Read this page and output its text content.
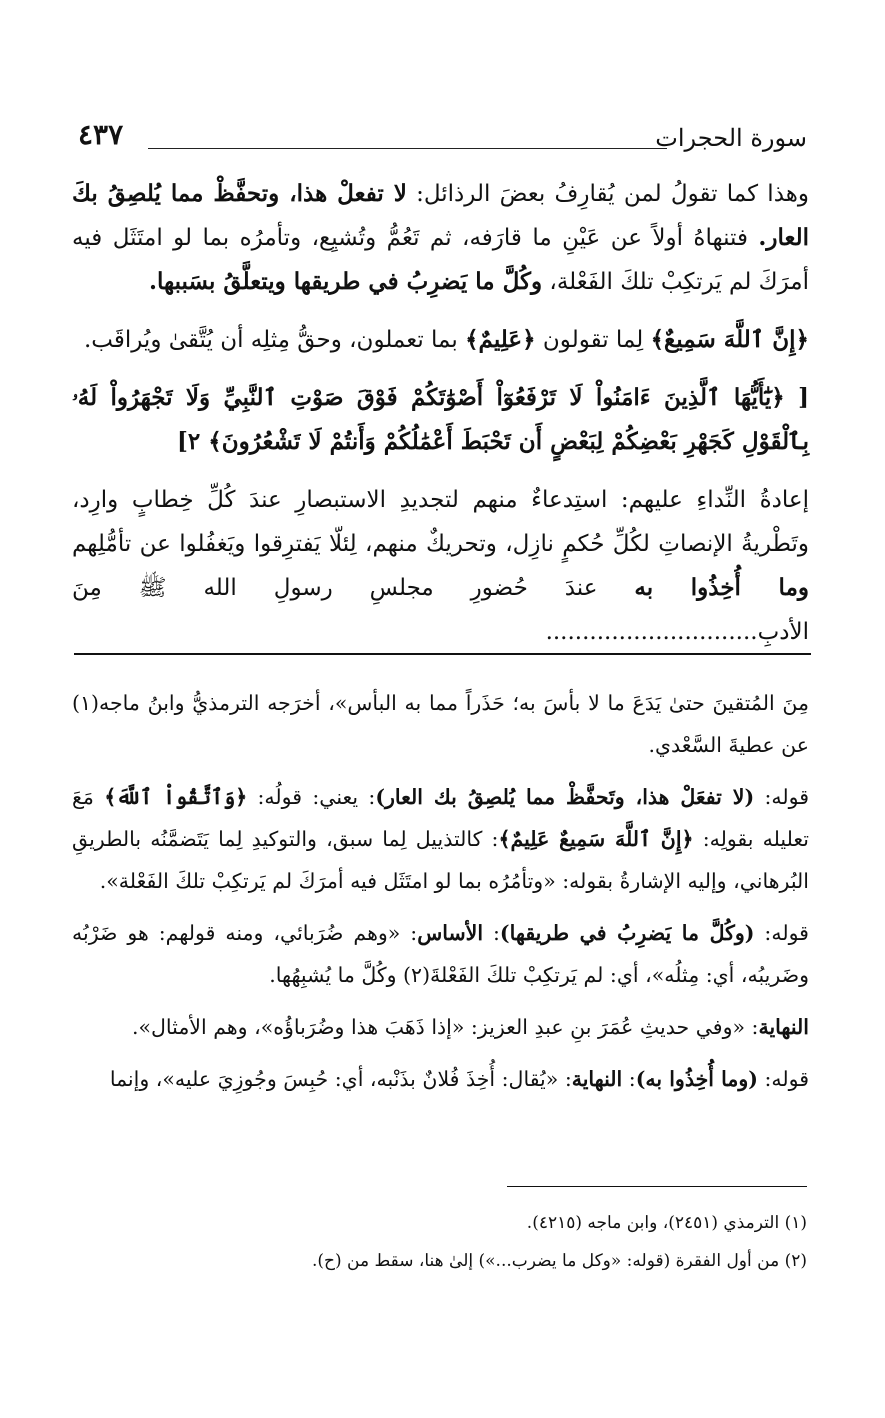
سورة الحجرات
٤٣٧

وهذا كما تقولُ لمن يُقارِفُ بعضَ الرذائل: لا تفعلْ هذا، وتحفَّظْ مما يُلصِقُ بكَ العار. فتنهاهُ أولاً عن عَيْنِ ما قارَفه، ثم تَعُمُّ وتُشيِع، وتأمرُه بما لو امتَثَل فيه أمرَكَ لم يَرتكِبْ تلكَ الفَعْلة، وكُلَّ ما يَضرِبُ في طريقها ويتعلَّقُ بسَببها.

﴿إِنَّ ٱللَّهَ سَمِيعٌ﴾ لِما تقولون ﴿عَلِيمٌ﴾ بما تعملون، وحقُّ مِثلِه أن يُتَّقىٰ ويُراقَب.

[ ﴿يَٰٓأَيُّهَا ٱلَّذِينَ ءَامَنُواْ لَا تَرْفَعُوٓاْ أَصْوَٰتَكُمْ فَوْقَ صَوْتِ ٱلنَّبِيِّ وَلَا تَجْهَرُواْ لَهُۥ بِٱلْقَوْلِ كَجَهْرِ بَعْضِكُمْ لِبَعْضٍ أَن تَحْبَطَ أَعْمَٰلُكُمْ وَأَنتُمْ لَا تَشْعُرُونَ﴾ ٢]

إعادةُ النِّداءِ عليهم: استِدعاءٌ منهم لتجديدِ الاستبصارِ عندَ كُلِّ خِطابٍ وارِد، وتَطْريةُ الإنصاتِ لكُلِّ حُكمٍ نازِل، وتحريكٌ منهم، لِئلّا يَفترِقوا ويَغفُلوا عن تأمُّلِهم وما أُخِذُوا به عندَ حُضورِ مجلسِ رسولِ الله ﷺ مِنَ الأدبِ.............................

مِنَ المُتقينَ حتىٰ يَدَعَ ما لا بأسَ به؛ حَذَراً مما به البأس»، أخرَجه الترمذيُّ وابنُ ماجه(١) عن عطيةَ السَّعْدي.

قوله: (لا تفعَلْ هذا، وتَحفَّظْ مما يُلصِقُ بك العار): يعني: قولُه: ﴿وَٱتَّقُواْ ٱللَّهَ﴾ مَعَ تعليله بقولِه: ﴿إِنَّ ٱللَّهَ سَمِيعٌ عَلِيمٌ﴾: كالتذييل لِما سبق، والتوكيدِ لِما يَتَضمَّنُه بالطريقِ البُرهاني، وإليه الإشارةُ بقوله: «وتأمُرُه بما لو امتَثَل فيه أمرَكَ لم يَرتكِبْ تلكَ الفَعْلة».

قوله: (وكُلَّ ما يَضرِبُ في طريقها): الأساس: «وهم ضُرَبائي، ومنه قولهم: هو ضَرْبُه وضَريبُه، أي: مِثلُه»، أي: لم يَرتكِبْ تلكَ الفَعْلةَ(٢) وكُلَّ ما يُشبِهُها.

النهاية: «وفي حديثِ عُمَرَ بنِ عبدِ العزيز: «إذا ذَهَبَ هذا وضُرَباؤُه»، وهم الأمثال».

قوله: (وما أُخِذُوا به): النهاية: «يُقال: أُخِذَ فُلانٌ بذَنْبه، أي: حُبِسَ وجُوزِيَ عليه»، وإنما

(١) الترمذي (٢٤٥١)، وابن ماجه (٤٢١٥).

(٢) من أول الفقرة (قوله: «وكل ما يضرب...») إلىٰ هنا، سقط من (ح).
